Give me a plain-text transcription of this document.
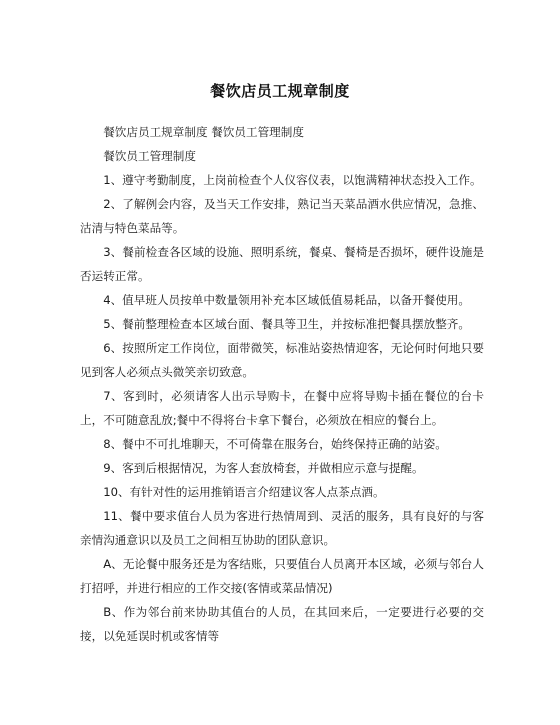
餐饮店员工规章制度

餐饮店员工规章制度 餐饮员工管理制度

餐饮员工管理制度

1、遵守考勤制度，上岗前检查个人仪容仪表，以饱满精神状态投入工作。

2、了解例会内容，及当天工作安排，熟记当天菜品酒水供应情况，急推、沽清与特色菜品等。

3、餐前检查各区域的设施、照明系统，餐桌、餐椅是否损坏，硬件设施是否运转正常。

4、值早班人员按单中数量领用补充本区域低值易耗品，以备开餐使用。

5、餐前整理检查本区域台面、餐具等卫生，并按标准把餐具摆放整齐。

6、按照所定工作岗位，面带微笑，标准站姿热情迎客，无论何时何地只要见到客人必须点头微笑亲切致意。

7、客到时，必须请客人出示导购卡，在餐中应将导购卡插在餐位的台卡上，不可随意乱放;餐中不得将台卡拿下餐台，必须放在相应的餐台上。

8、餐中不可扎堆聊天，不可倚靠在服务台，始终保持正确的站姿。

9、客到后根据情况，为客人套放椅套，并做相应示意与提醒。

10、有针对性的运用推销语言介绍建议客人点茶点酒。

11、餐中要求值台人员为客进行热情周到、灵活的服务，具有良好的与客亲情沟通意识以及员工之间相互协助的团队意识。

A、无论餐中服务还是为客结账，只要值台人员离开本区域，必须与邻台人打招呼，并进行相应的工作交接(客情或菜品情况)

B、作为邻台前来协助其值台的人员，在其回来后，一定要进行必要的交接，以免延误时机或客情等
